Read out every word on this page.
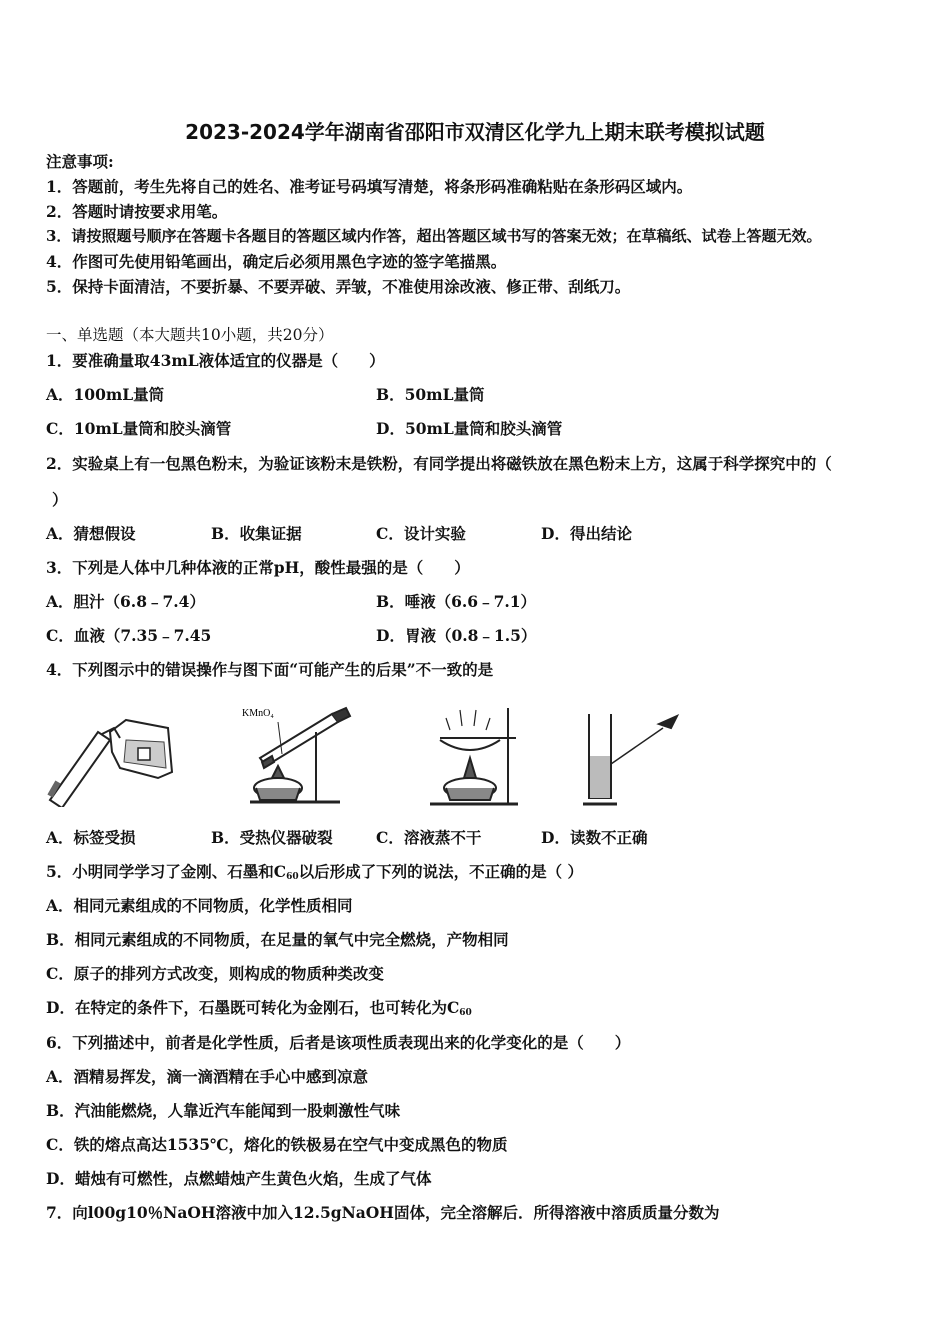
2023-2024学年湖南省邵阳市双清区化学九上期末联考模拟试题
注意事项:
1．答题前，考生先将自己的姓名、准考证号码填写清楚，将条形码准确粘贴在条形码区域内。
2．答题时请按要求用笔。
3．请按照题号顺序在答题卡各题目的答题区域内作答，超出答题区域书写的答案无效；在草稿纸、试卷上答题无效。
4．作图可先使用铅笔画出，确定后必须用黑色字迹的签字笔描黑。
5．保持卡面清洁，不要折暴、不要弄破、弄皱，不准使用涂改液、修正带、刮纸刀。
一、单选题（本大题共10小题，共20分）
1．要准确量取43mL液体适宜的仪器是（　　）
A．100mL量筒	B．50mL量筒
C．10mL量筒和胶头滴管	D．50mL量筒和胶头滴管
2．实验桌上有一包黑色粉末，为验证该粉末是铁粉，有同学提出将磁铁放在黑色粉末上方，这属于科学探究中的（
）
A．猜想假设	B．收集证据	C．设计实验	D．得出结论
3．下列是人体中几种体液的正常pH，酸性最强的是（　　）
A．胆汁（6.8﹣7.4）	B．唾液（6.6﹣7.1）
C．血液（7.35﹣7.45	D．胃液（0.8﹣1.5）
4．下列图示中的错误操作与图下面“可能产生的后果”不一致的是
KMnO₄
A．标签受损	B．受热仪器破裂	C．溶液蒸不干	D．读数不正确
5．小明同学学习了金刚、石墨和$C_{60}$以后形成了下列的说法，不正确的是（ ）
A．相同元素组成的不同物质，化学性质相同
B．相同元素组成的不同物质，在足量的氧气中完全燃烧，产物相同
C．原子的排列方式改变，则构成的物质种类改变
D．在特定的条件下，石墨既可转化为金刚石，也可转化为$C_{60}$
6．下列描述中，前者是化学性质，后者是该项性质表现出来的化学变化的是（　　）
A．酒精易挥发，滴一滴酒精在手心中感到凉意
B．汽油能燃烧，人靠近汽车能闻到一股刺激性气味
C．铁的熔点高达1535℃，熔化的铁极易在空气中变成黑色的物质
D．蜡烛有可燃性，点燃蜡烛产生黄色火焰，生成了气体
7．向l00g10％NaOH溶液中加入12.5gNaOH固体，完全溶解后．所得溶液中溶质质量分数为
